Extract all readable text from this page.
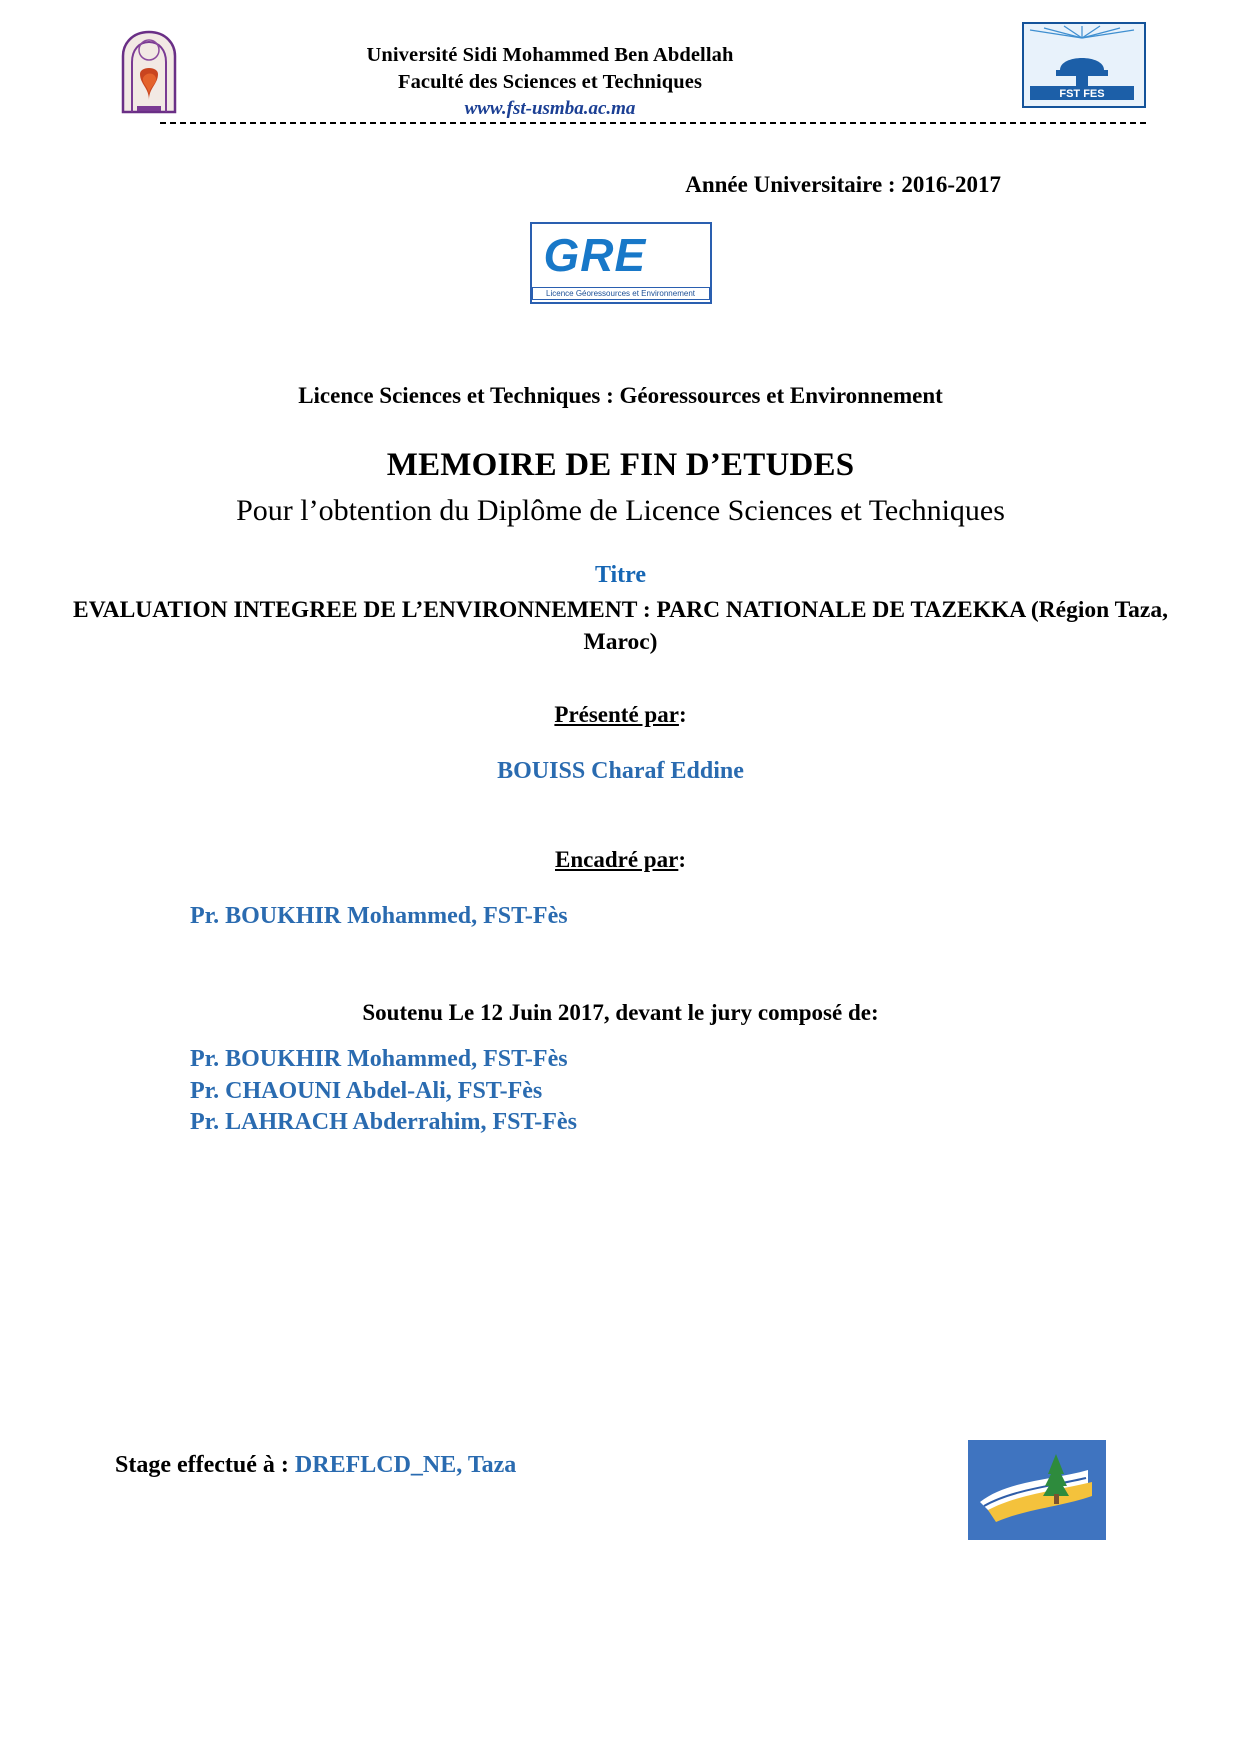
Université Sidi Mohammed Ben Abdellah
Faculté des Sciences et Techniques
www.fst-usmba.ac.ma
FST FES
Année Universitaire : 2016-2017
GRE
Licence Géoressources et Environnement
Licence Sciences et Techniques : Géoressources et Environnement
MEMOIRE DE FIN D’ETUDES
Pour l’obtention du Diplôme de Licence Sciences et Techniques
Titre
EVALUATION INTEGREE DE L’ENVIRONNEMENT : PARC NATIONALE DE TAZEKKA (Région Taza, Maroc)
Présenté par:
BOUISS Charaf Eddine
Encadré par:
Pr. BOUKHIR Mohammed, FST-Fès
Soutenu Le 12 Juin 2017, devant le jury composé de:
Pr. BOUKHIR Mohammed, FST-Fès
Pr. CHAOUNI Abdel-Ali, FST-Fès
Pr. LAHRACH Abderrahim, FST-Fès
Stage effectué à : DREFLCD_NE, Taza
